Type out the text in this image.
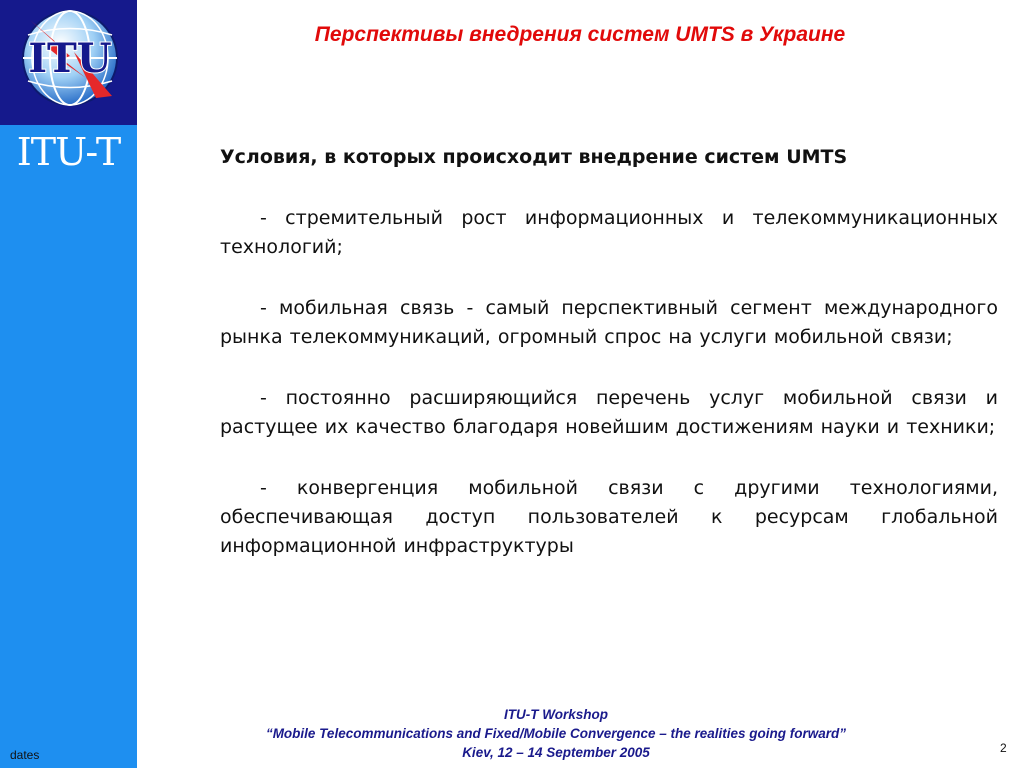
ITU
ITU-T
dates
Перспективы внедрения систем UMTS в Украине

Условия, в которых происходит внедрение систем UMTS

- стремительный рост информационных и телекоммуникационных технологий;

- мобильная связь - самый перспективный сегмент международного рынка телекоммуникаций, огромный спрос на услуги мобильной связи;

- постоянно расширяющийся перечень услуг мобильной связи и растущее их качество благодаря новейшим достижениям науки и техники;

- конвергенция мобильной связи с другими технологиями, обеспечивающая доступ пользователей к ресурсам глобальной информационной инфраструктуры

ITU-T Workshop
“Mobile Telecommunications and Fixed/Mobile Convergence – the realities going forward”
Kiev, 12 – 14 September 2005	2
